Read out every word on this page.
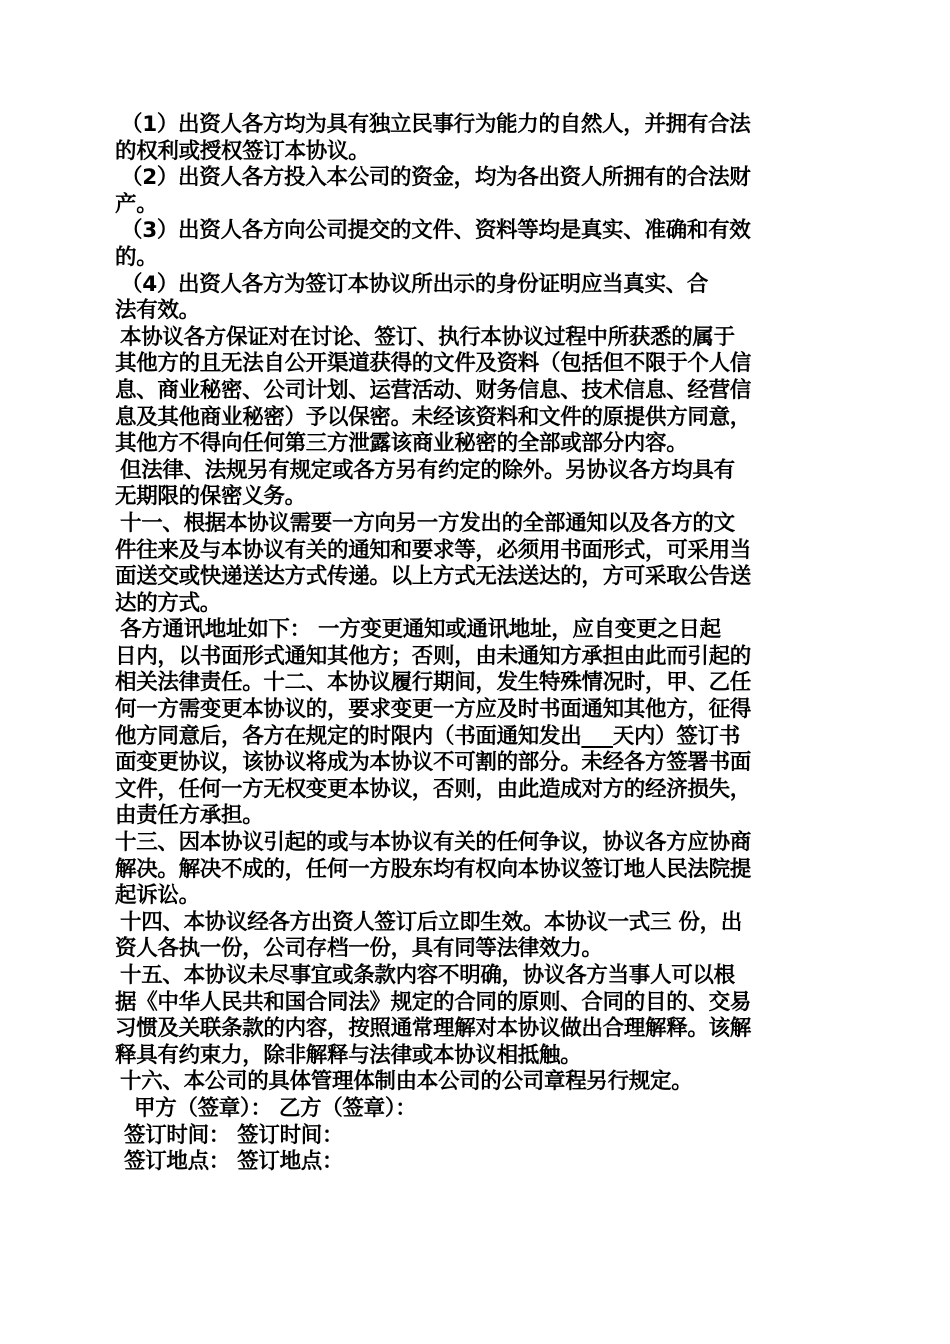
（1）出资人各方均为具有独立民事行为能力的自然人，并拥有合法
的权利或授权签订本协议。
（2）出资人各方投入本公司的资金，均为各出资人所拥有的合法财
产。
（3）出资人各方向公司提交的文件、资料等均是真实、准确和有效
的。
（4）出资人各方为签订本协议所出示的身份证明应当真实、合
法有效。
本协议各方保证对在讨论、签订、执行本协议过程中所获悉的属于
其他方的且无法自公开渠道获得的文件及资料（包括但不限于个人信
息、商业秘密、公司计划、运营活动、财务信息、技术信息、经营信
息及其他商业秘密）予以保密。未经该资料和文件的原提供方同意，
其他方不得向任何第三方泄露该商业秘密的全部或部分内容。
但法律、法规另有规定或各方另有约定的除外。另协议各方均具有
无期限的保密义务。
十一、根据本协议需要一方向另一方发出的全部通知以及各方的文
件往来及与本协议有关的通知和要求等，必须用书面形式，可采用当
面送交或快递送达方式传递。以上方式无法送达的，方可采取公告送
达的方式。
各方通讯地址如下： 一方变更通知或通讯地址，应自变更之日起
日内，以书面形式通知其他方；否则，由未通知方承担由此而引起的
相关法律责任。十二、本协议履行期间，发生特殊情况时，甲、乙任
何一方需变更本协议的，要求变更一方应及时书面通知其他方，征得
他方同意后，各方在规定的时限内（书面通知发出___天内）签订书
面变更协议，该协议将成为本协议不可割的部分。未经各方签署书面
文件，任何一方无权变更本协议，否则，由此造成对方的经济损失，
由责任方承担。
十三、因本协议引起的或与本协议有关的任何争议，协议各方应协商
解决。解决不成的，任何一方股东均有权向本协议签订地人民法院提
起诉讼。
十四、本协议经各方出资人签订后立即生效。本协议一式三 份，出
资人各执一份，公司存档一份，具有同等法律效力。
十五、本协议未尽事宜或条款内容不明确，协议各方当事人可以根
据《中华人民共和国合同法》规定的合同的原则、合同的目的、交易
习惯及关联条款的内容，按照通常理解对本协议做出合理解释。该解
释具有约束力，除非解释与法律或本协议相抵触。
十六、本公司的具体管理体制由本公司的公司章程另行规定。
甲方（签章）： 乙方（签章）：
签订时间： 签订时间：
签订地点： 签订地点：
